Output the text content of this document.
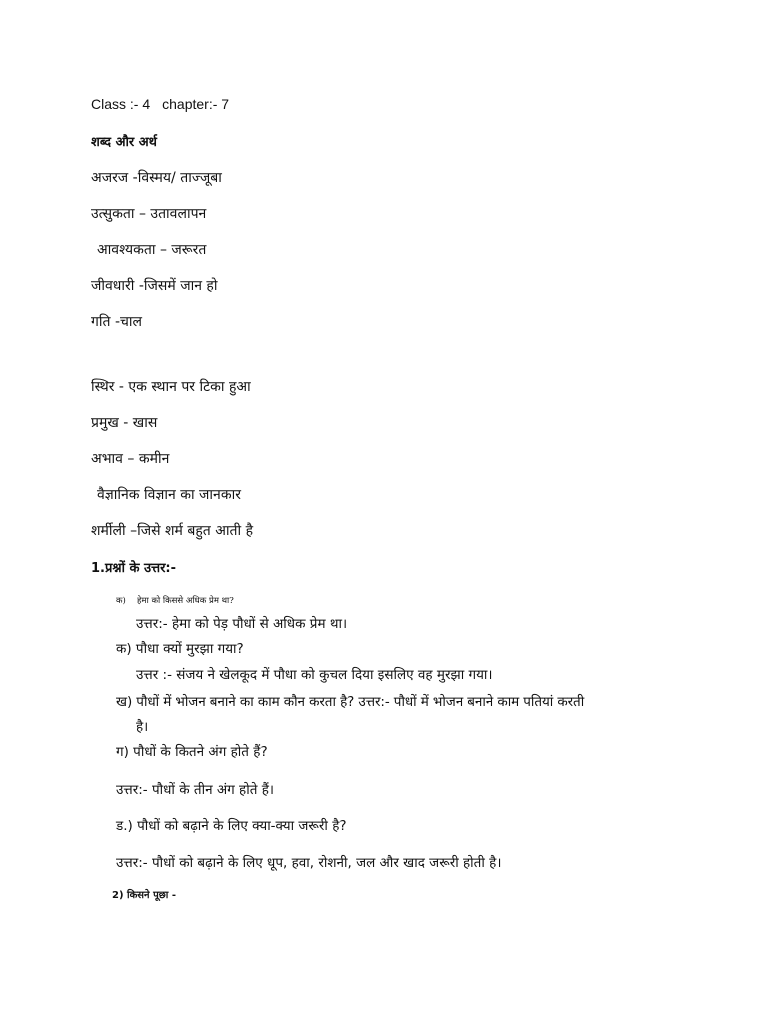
Class :- 4 chapter:- 7
शब्द और अर्थ
अजरज -विस्मय/ ताज्जूबा
उत्सुकता – उतावलापन
आवश्यकता – जरूरत
जीवधारी -जिसमें जान हो
गति -चाल
स्थिर - एक स्थान पर टिका हुआ
प्रमुख - खास
अभाव – कमीन
वैज्ञानिक विज्ञान का जानकार
शर्मीली –जिसे शर्म बहुत आती है
1.प्रश्नों के उत्तर:-
क) हेमा को किससे अधिक प्रेम था?
उत्तर:- हेमा को पेड़ पौधों से अधिक प्रेम था।
क) पौधा क्यों मुरझा गया?
उत्तर :- संजय ने खेलकूद में पौधा को कुचल दिया इसलिए वह मुरझा गया।
ख) पौधों में भोजन बनाने का काम कौन करता है? उत्तर:- पौधों में भोजन बनाने काम पतियां करती
है।
ग) पौधों के कितने अंग होते हैं?
उत्तर:- पौधों के तीन अंग होते हैं।
ड.) पौधों को बढ़ाने के लिए क्या-क्या जरूरी है?
उत्तर:- पौधों को बढ़ाने के लिए धूप, हवा, रोशनी, जल और खाद जरूरी होती है।
2) किसने पूछा -
